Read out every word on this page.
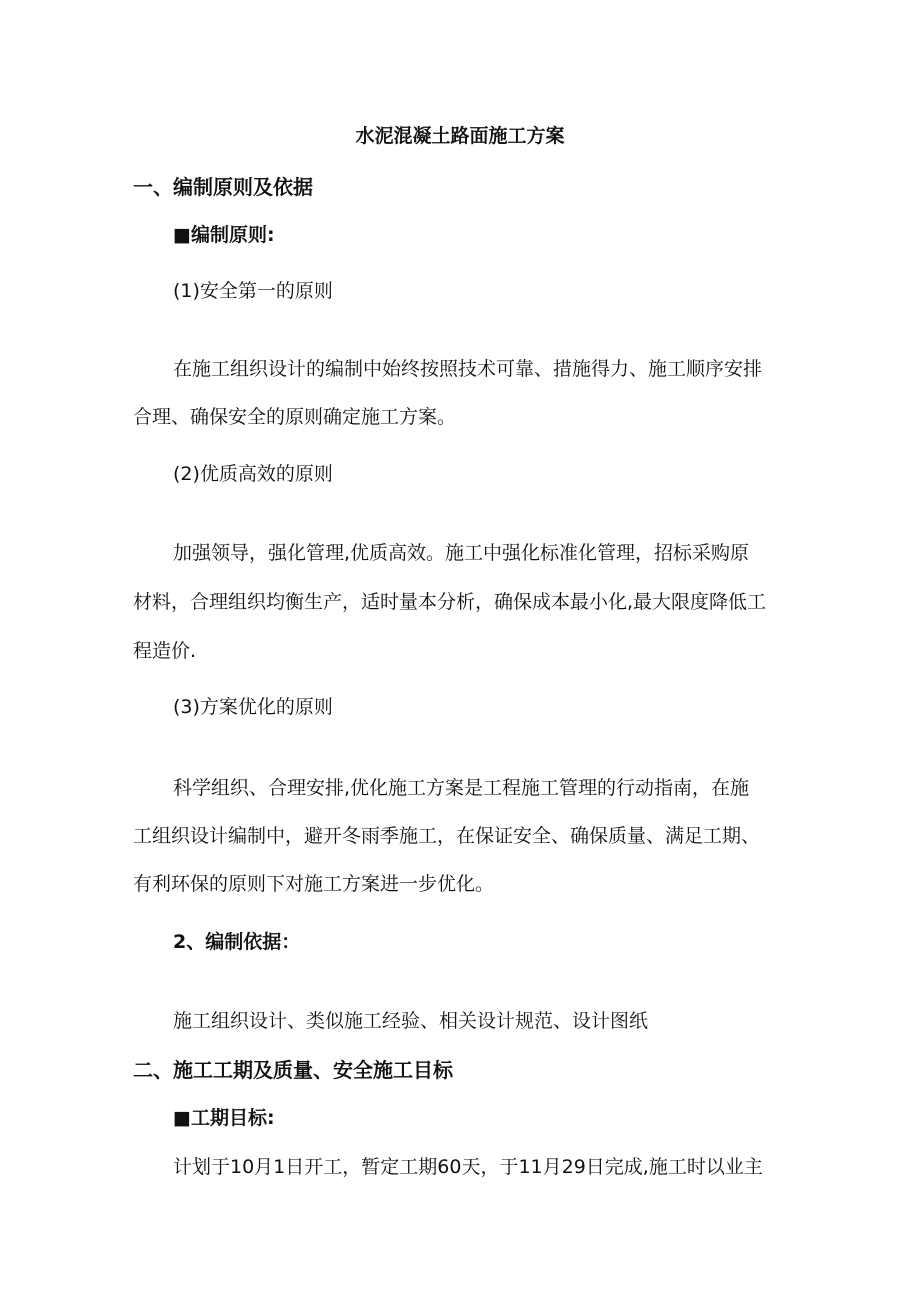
水泥混凝土路面施工方案
一、编制原则及依据
■编制原则:
(1)安全第一的原则
在施工组织设计的编制中始终按照技术可靠、措施得力、施工顺序安排
合理、确保安全的原则确定施工方案。
(2)优质高效的原则
加强领导，强化管理,优质高效。施工中强化标准化管理，招标采购原
材料，合理组织均衡生产，适时量本分析，确保成本最小化,最大限度降低工
程造价.
(3)方案优化的原则
科学组织、合理安排,优化施工方案是工程施工管理的行动指南，在施
工组织设计编制中，避开冬雨季施工，在保证安全、确保质量、满足工期、
有利环保的原则下对施工方案进一步优化。
2、编制依据：
施工组织设计、类似施工经验、相关设计规范、设计图纸
二、施工工期及质量、安全施工目标
■工期目标:
计划于10月1日开工，暂定工期60天，于11月29日完成,施工时以业主
